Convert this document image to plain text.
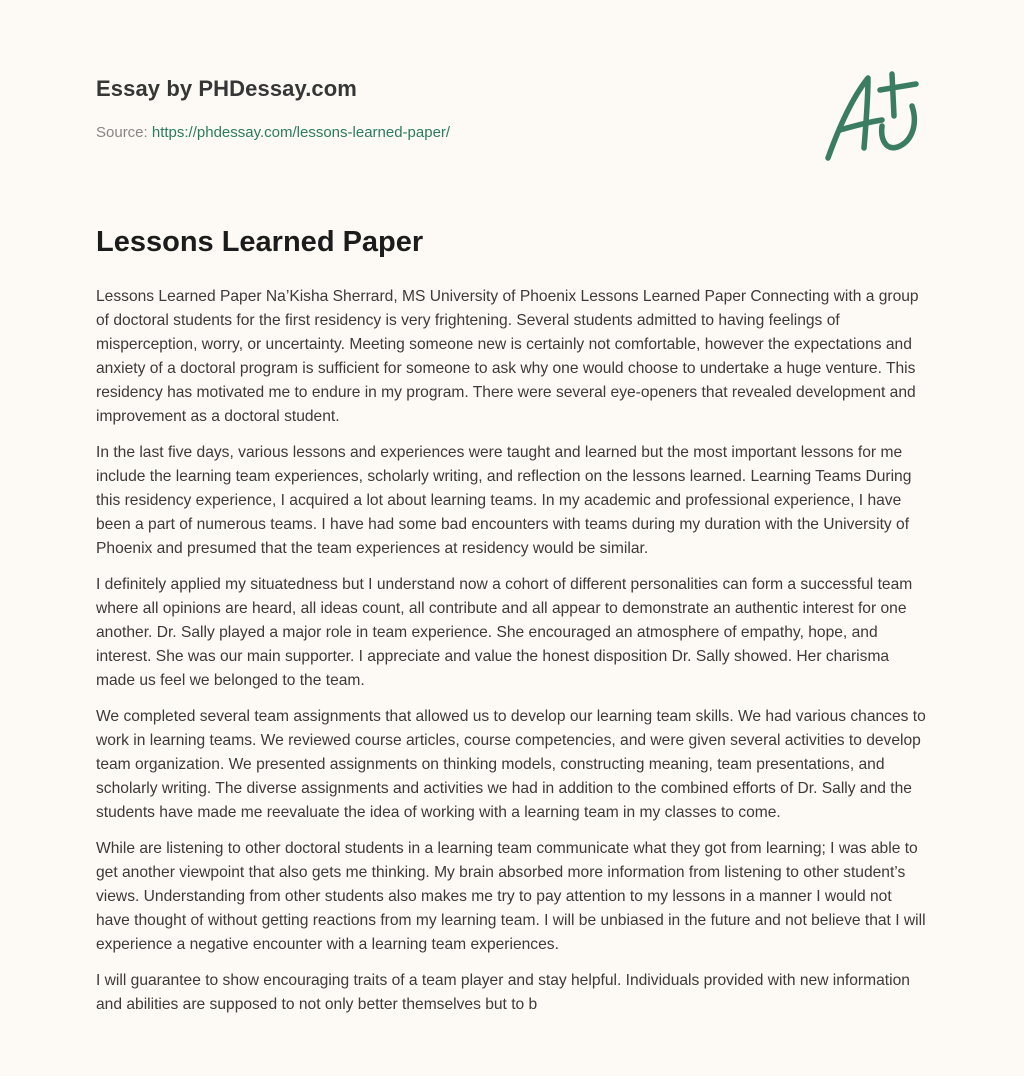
Essay by PHDessay.com
Source: https://phdessay.com/lessons-learned-paper/
Lessons Learned Paper

Lessons Learned Paper Na’Kisha Sherrard, MS University of Phoenix Lessons Learned Paper Connecting with a group of doctoral students for the first residency is very frightening. Several students admitted to having feelings of misperception, worry, or uncertainty. Meeting someone new is certainly not comfortable, however the expectations and anxiety of a doctoral program is sufficient for someone to ask why one would choose to undertake a huge venture. This residency has motivated me to endure in my program. There were several eye-openers that revealed development and improvement as a doctoral student.

In the last five days, various lessons and experiences were taught and learned but the most important lessons for me include the learning team experiences, scholarly writing, and reflection on the lessons learned. Learning Teams During this residency experience, I acquired a lot about learning teams. In my academic and professional experience, I have been a part of numerous teams. I have had some bad encounters with teams during my duration with the University of Phoenix and presumed that the team experiences at residency would be similar.

I definitely applied my situatedness but I understand now a cohort of different personalities can form a successful team where all opinions are heard, all ideas count, all contribute and all appear to demonstrate an authentic interest for one another. Dr. Sally played a major role in team experience. She encouraged an atmosphere of empathy, hope, and interest. She was our main supporter. I appreciate and value the honest disposition Dr. Sally showed. Her charisma made us feel we belonged to the team.

We completed several team assignments that allowed us to develop our learning team skills. We had various chances to work in learning teams. We reviewed course articles, course competencies, and were given several activities to develop team organization. We presented assignments on thinking models, constructing meaning, team presentations, and scholarly writing. The diverse assignments and activities we had in addition to the combined efforts of Dr. Sally and the students have made me reevaluate the idea of working with a learning team in my classes to come.

While are listening to other doctoral students in a learning team communicate what they got from learning; I was able to get another viewpoint that also gets me thinking. My brain absorbed more information from listening to other student’s views. Understanding from other students also makes me try to pay attention to my lessons in a manner I would not have thought of without getting reactions from my learning team. I will be unbiased in the future and not believe that I will experience a negative encounter with a learning team experiences.

I will guarantee to show encouraging traits of a team player and stay helpful. Individuals provided with new information and abilities are supposed to not only better themselves but to b
